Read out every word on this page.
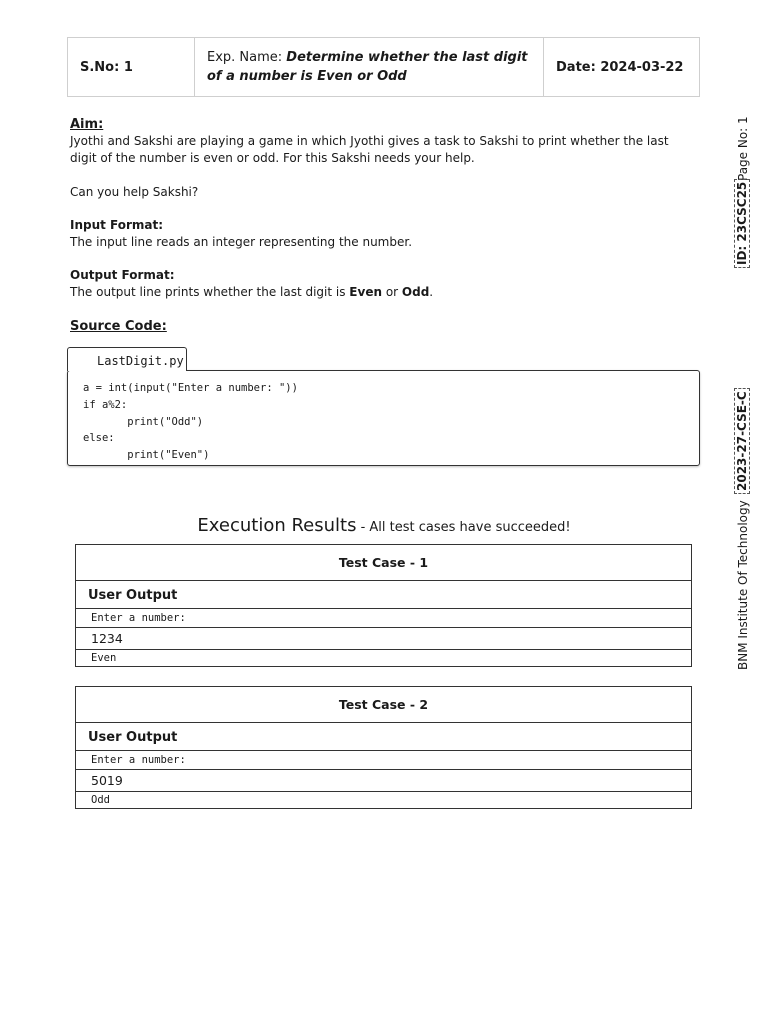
S.No: 1	Exp. Name: Determine whether the last digit of a number is Even or Odd	Date: 2024-03-22
Aim:

Jyothi and Sakshi are playing a game in which Jyothi gives a task to Sakshi to print whether the last digit of the number is even or odd. For this Sakshi needs your help.

Can you help Sakshi?

Input Format:

The input line reads an integer representing the number.

Output Format:

The output line prints whether the last digit is Even or Odd.

Source Code:
LastDigit.py
a = int(input("Enter a number: "))
if a%2:
	print("Odd")
else:
	print("Even")
Execution Results - All test cases have succeeded!
Test Case - 1
User Output
Enter a number:
1234
Even
Test Case - 2
User Output
Enter a number:
5019
Odd
Page No: 1
ID: 23CSC25
2023-27-CSE-C
BNM Institute Of Technology
